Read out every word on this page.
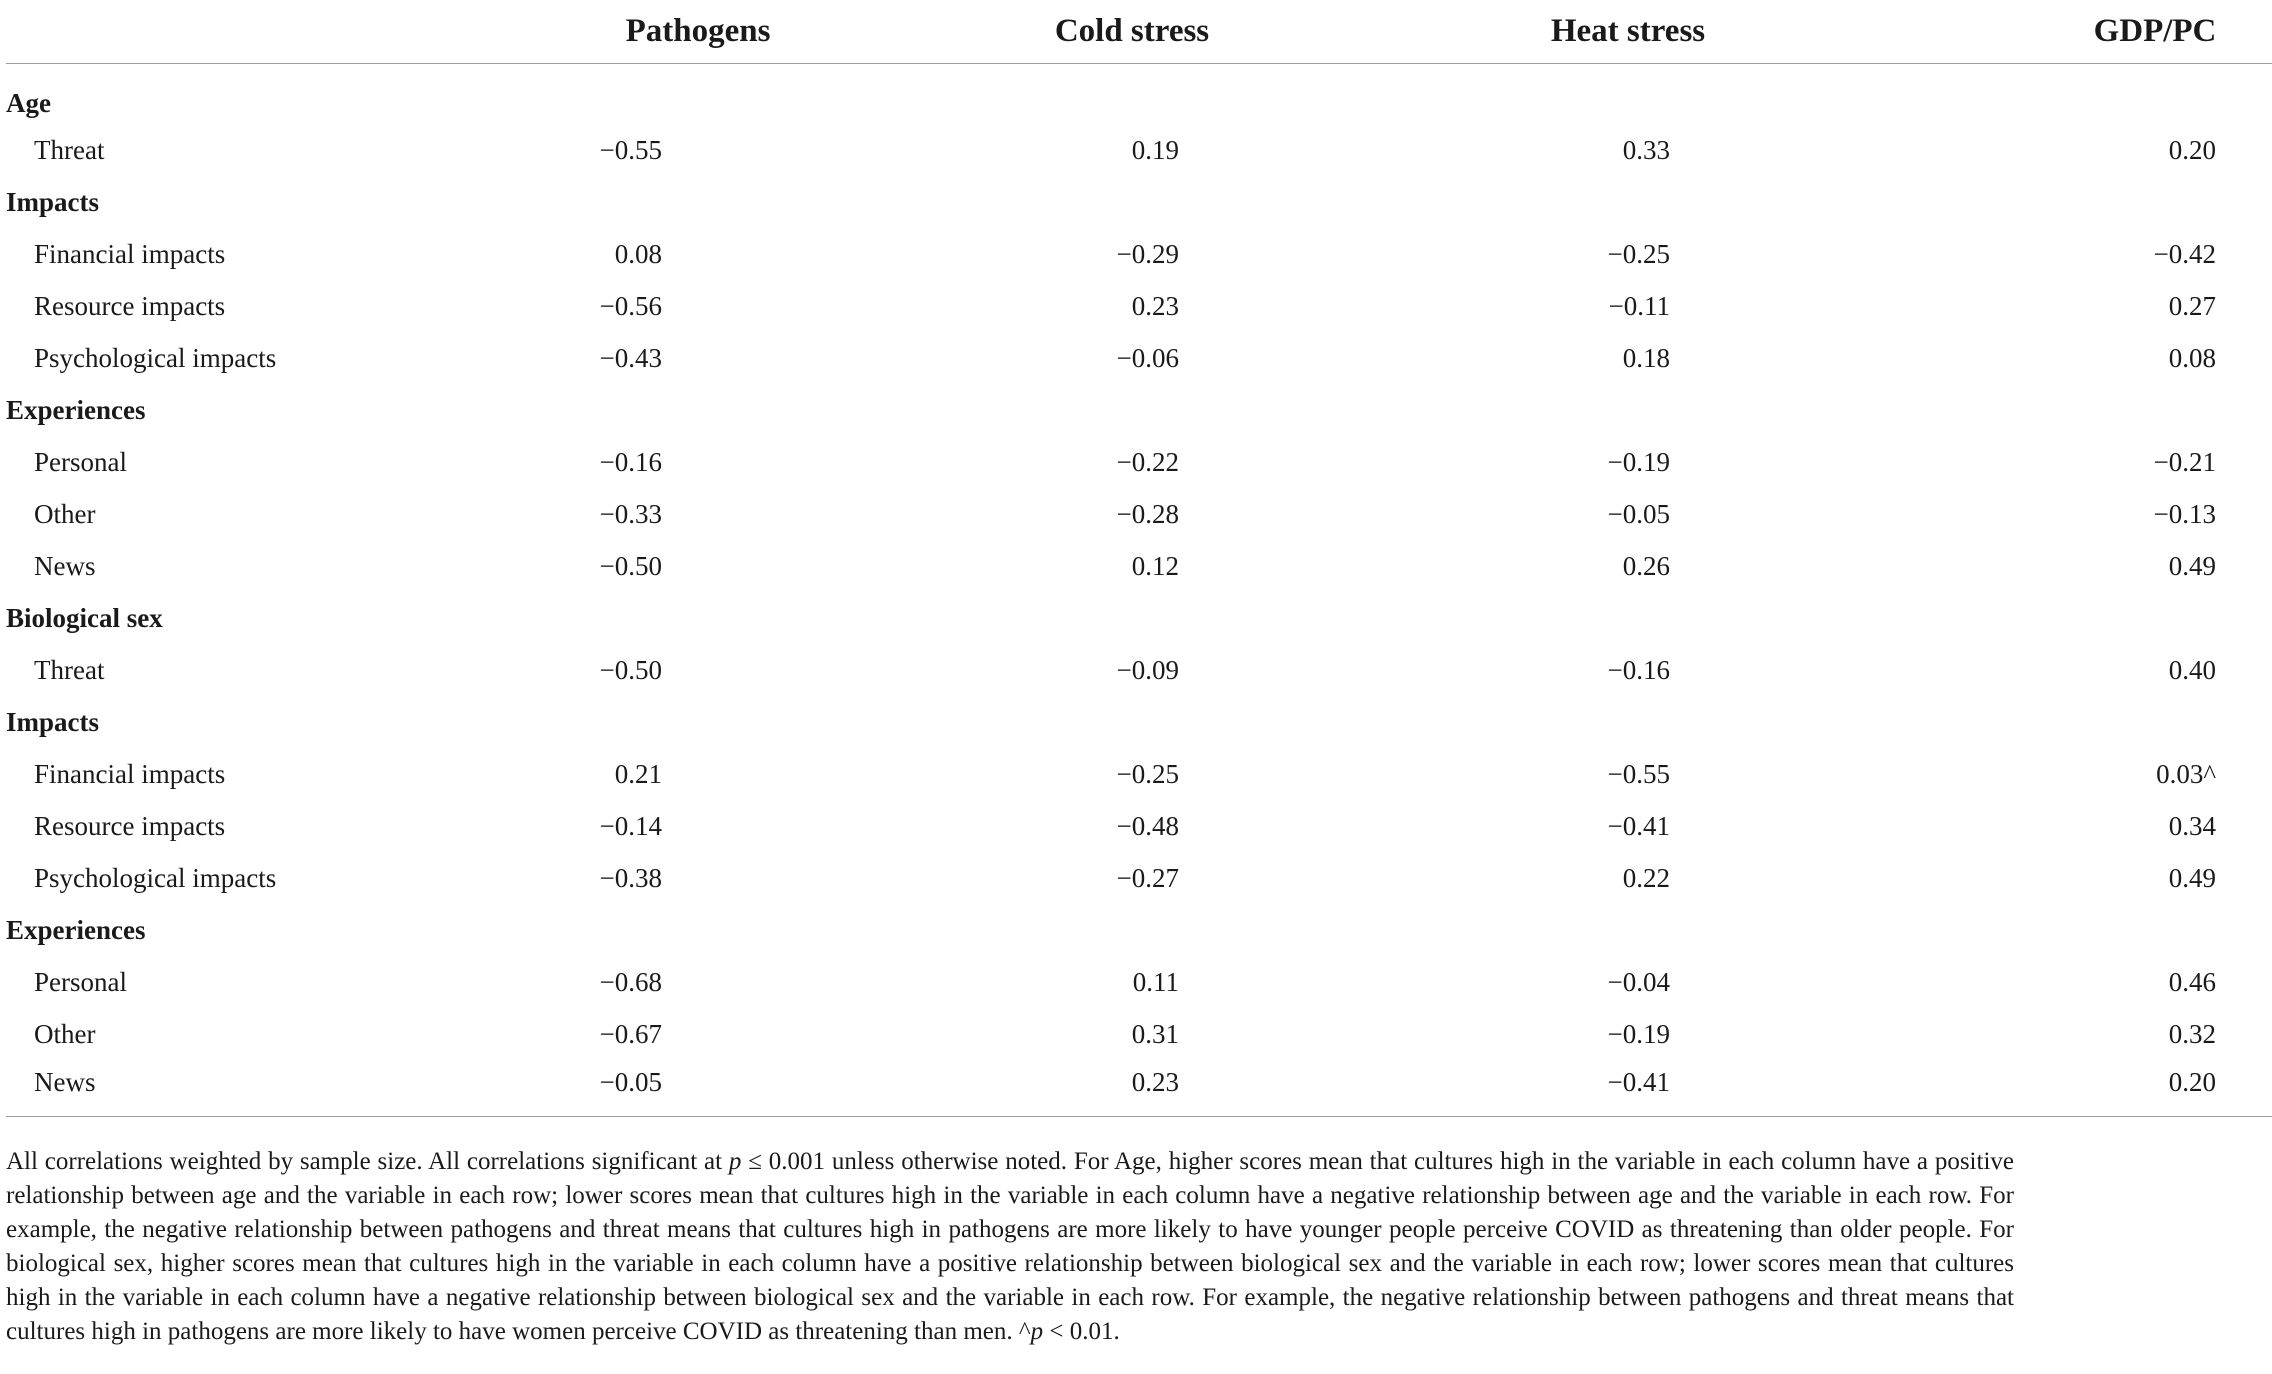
	Pathogens	Cold stress	Heat stress	GDP/PC
Age				
Threat	−0.55	0.19	0.33	0.20
Impacts				
Financial impacts	0.08	−0.29	−0.25	−0.42
Resource impacts	−0.56	0.23	−0.11	0.27
Psychological impacts	−0.43	−0.06	0.18	0.08
Experiences				
Personal	−0.16	−0.22	−0.19	−0.21
Other	−0.33	−0.28	−0.05	−0.13
News	−0.50	0.12	0.26	0.49
Biological sex				
Threat	−0.50	−0.09	−0.16	0.40
Impacts				
Financial impacts	0.21	−0.25	−0.55	0.03^
Resource impacts	−0.14	−0.48	−0.41	0.34
Psychological impacts	−0.38	−0.27	0.22	0.49
Experiences				
Personal	−0.68	0.11	−0.04	0.46
Other	−0.67	0.31	−0.19	0.32
News	−0.05	0.23	−0.41	0.20
All correlations weighted by sample size. All correlations significant at p ≤ 0.001 unless otherwise noted. For Age, higher scores mean that cultures high in the variable in each column have a positive relationship between age and the variable in each row; lower scores mean that cultures high in the variable in each column have a negative relationship between age and the variable in each row. For example, the negative relationship between pathogens and threat means that cultures high in pathogens are more likely to have younger people perceive COVID as threatening than older people. For biological sex, higher scores mean that cultures high in the variable in each column have a positive relationship between biological sex and the variable in each row; lower scores mean that cultures high in the variable in each column have a negative relationship between biological sex and the variable in each row. For example, the negative relationship between pathogens and threat means that cultures high in pathogens are more likely to have women perceive COVID as threatening than men. ^p < 0.01.
